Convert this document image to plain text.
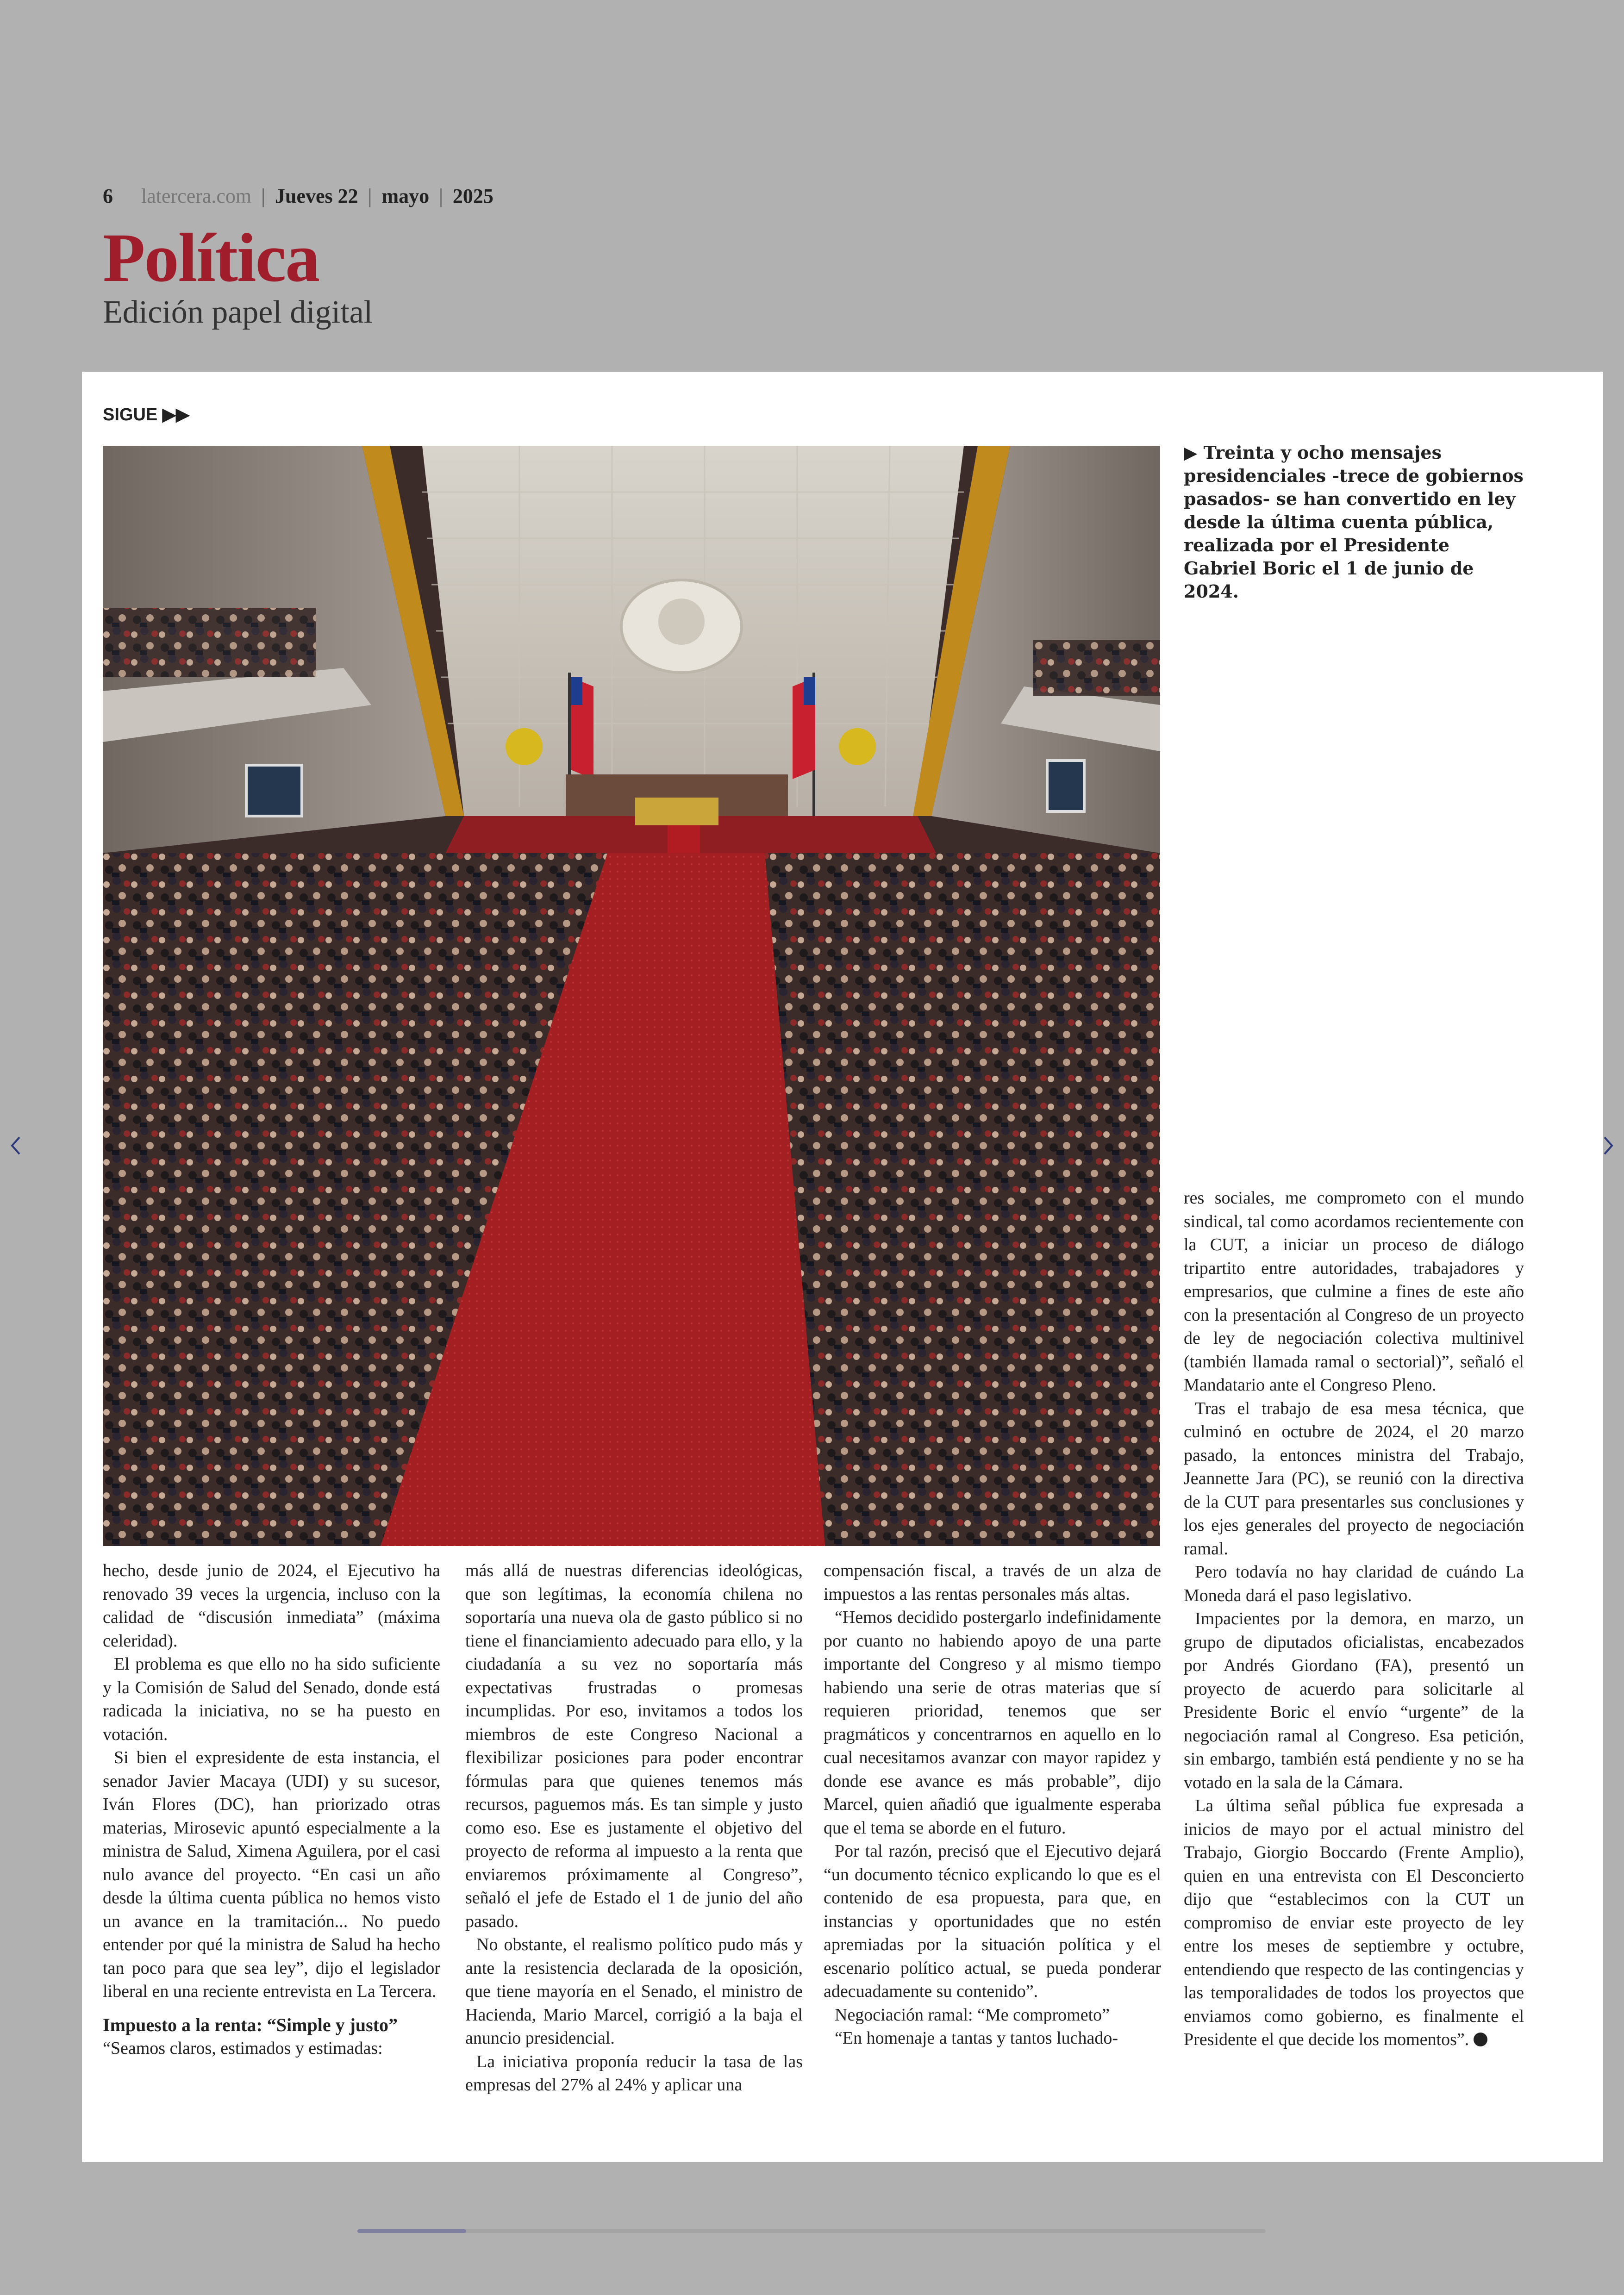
6 latercera.com | Jueves 22 | mayo | 2025
Política
Edición papel digital
SIGUE ▶▶
▶ Treinta y ocho mensajes presidenciales -trece de gobiernos pasados- se han convertido en ley desde la última cuenta pública, realizada por el Presidente Gabriel Boric el 1 de junio de 2024.

hecho, desde junio de 2024, el Ejecutivo ha renovado 39 veces la urgencia, incluso con la calidad de “discusión inmediata” (máxima celeridad).

El problema es que ello no ha sido suficiente y la Comisión de Salud del Senado, donde está radicada la iniciativa, no se ha puesto en votación.

Si bien el expresidente de esta instancia, el senador Javier Macaya (UDI) y su sucesor, Iván Flores (DC), han priorizado otras materias, Mirosevic apuntó especialmente a la ministra de Salud, Ximena Aguilera, por el casi nulo avance del proyecto. “En casi un año desde la última cuenta pública no hemos visto un avance en la tramitación... No puedo entender por qué la ministra de Salud ha hecho tan poco para que sea ley”, dijo el legislador liberal en una reciente entrevista en La Tercera.

Impuesto a la renta: “Simple y justo”

“Seamos claros, estimados y estimadas:

más allá de nuestras diferencias ideológicas, que son legítimas, la economía chilena no soportaría una nueva ola de gasto público si no tiene el financiamiento adecuado para ello, y la ciudadanía a su vez no soportaría más expectativas frustradas o promesas incumplidas. Por eso, invitamos a todos los miembros de este Congreso Nacional a flexibilizar posiciones para poder encontrar fórmulas para que quienes tenemos más recursos, paguemos más. Es tan simple y justo como eso. Ese es justamente el objetivo del proyecto de reforma al impuesto a la renta que enviaremos próximamente al Congreso”, señaló el jefe de Estado el 1 de junio del año pasado.

No obstante, el realismo político pudo más y ante la resistencia declarada de la oposición, que tiene mayoría en el Senado, el ministro de Hacienda, Mario Marcel, corrigió a la baja el anuncio presidencial.

La iniciativa proponía reducir la tasa de las empresas del 27% al 24% y aplicar una

compensación fiscal, a través de un alza de impuestos a las rentas personales más altas.

“Hemos decidido postergarlo indefinidamente por cuanto no habiendo apoyo de una parte importante del Congreso y al mismo tiempo habiendo una serie de otras materias que sí requieren prioridad, tenemos que ser pragmáticos y concentrarnos en aquello en lo cual necesitamos avanzar con mayor rapidez y donde ese avance es más probable”, dijo Marcel, quien añadió que igualmente esperaba que el tema se aborde en el futuro.

Por tal razón, precisó que el Ejecutivo dejará “un documento técnico explicando lo que es el contenido de esa propuesta, para que, en instancias y oportunidades que no estén apremiadas por la situación política y el escenario político actual, se pueda ponderar adecuadamente su contenido”.

Negociación ramal: “Me comprometo”

“En homenaje a tantas y tantos luchado-

res sociales, me comprometo con el mundo sindical, tal como acordamos recientemente con la CUT, a iniciar un proceso de diálogo tripartito entre autoridades, trabajadores y empresarios, que culmine a fines de este año con la presentación al Congreso de un proyecto de ley de negociación colectiva multinivel (también llamada ramal o sectorial)”, señaló el Mandatario ante el Congreso Pleno.

Tras el trabajo de esa mesa técnica, que culminó en octubre de 2024, el 20 marzo pasado, la entonces ministra del Trabajo, Jeannette Jara (PC), se reunió con la directiva de la CUT para presentarles sus conclusiones y los ejes generales del proyecto de negociación ramal.

Pero todavía no hay claridad de cuándo La Moneda dará el paso legislativo.

Impacientes por la demora, en marzo, un grupo de diputados oficialistas, encabezados por Andrés Giordano (FA), presentó un proyecto de acuerdo para solicitarle al Presidente Boric el envío “urgente” de la negociación ramal al Congreso. Esa petición, sin embargo, también está pendiente y no se ha votado en la sala de la Cámara.

La última señal pública fue expresada a inicios de mayo por el actual ministro del Trabajo, Giorgio Boccardo (Frente Amplio), quien en una entrevista con El Desconcierto dijo que “establecimos con la CUT un compromiso de enviar este proyecto de ley entre los meses de septiembre y octubre, entendiendo que respecto de las contingencias y las temporalidades de todos los proyectos que enviamos como gobierno, es finalmente el Presidente el que decide los momentos”.
